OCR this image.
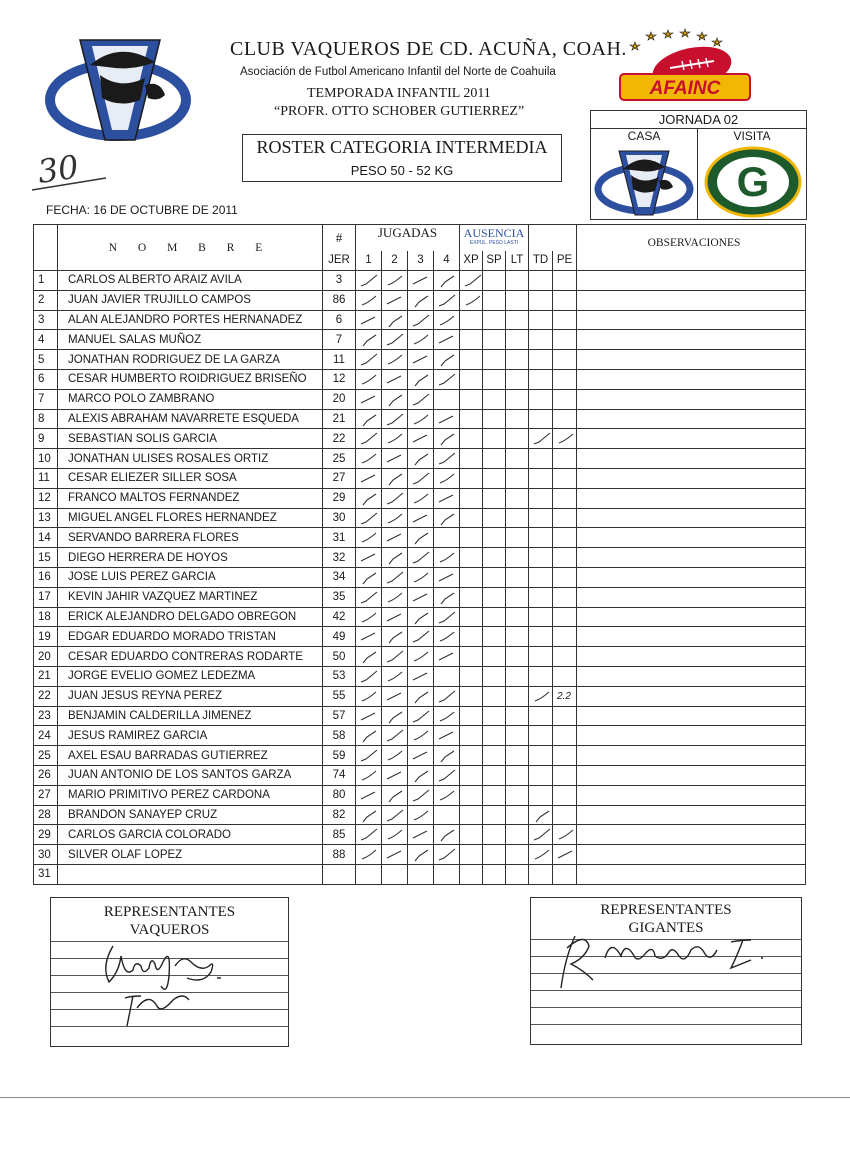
CLUB VAQUEROS DE CD. ACUÑA, COAH.
Asociación de Futbol Americano Infantil del Norte de Coahuila
TEMPORADA INFANTIL 2011
“PROFR. OTTO SCHOBER GUTIERREZ”
AFAINC
ROSTER CATEGORIA INTERMEDIA
PESO 50 - 52 KG
JORNADA 02
CASA	VISITA
G
30
FECHA: 16 DE OCTUBRE DE 2011
	N O M B R E	#	JUGADAS				AUSENCIA
EXPUL. PESO LASTI					OBSERVACIONES
		JER	1	2	3	4	XP	SP	LT	TD	PE	
1	CARLOS ALBERTO ARAIZ AVILA	3	

2	JUAN JAVIER TRUJILLO CAMPOS	86	

3	ALAN ALEJANDRO PORTES HERNANADEZ	6	

4	MANUEL SALAS MUÑOZ	7	

5	JONATHAN RODRIGUEZ DE LA GARZA	11	

6	CESAR HUMBERTO ROIDRIGUEZ BRISEÑO	12	

7	MARCO POLO ZAMBRANO	20	

8	ALEXIS ABRAHAM NAVARRETE ESQUEDA	21	

9	SEBASTIAN SOLIS GARCIA	22	

10	JONATHAN ULISES ROSALES ORTIZ	25	

11	CESAR ELIEZER SILLER SOSA	27	

12	FRANCO MALTOS FERNANDEZ	29	

13	MIGUEL ANGEL FLORES HERNANDEZ	30	

14	SERVANDO BARRERA FLORES	31	

15	DIEGO HERRERA DE HOYOS	32	

16	JOSE LUIS PEREZ GARCIA	34	

17	KEVIN JAHIR VAZQUEZ MARTINEZ	35	

18	ERICK ALEJANDRO DELGADO OBREGON	42	

19	EDGAR EDUARDO MORADO TRISTAN	49	

20	CESAR EDUARDO CONTRERAS RODARTE	50	

21	JORGE EVELIO GOMEZ LEDEZMA	53	

22	JUAN JESUS REYNA PEREZ	55									2.2	
23	BENJAMIN CALDERILLA JIMENEZ	57	

24	JESUS RAMIREZ GARCIA	58	

25	AXEL ESAU BARRADAS GUTIERREZ	59	

26	JUAN ANTONIO DE LOS SANTOS GARZA	74	

27	MARIO PRIMITIVO PEREZ CARDONA	80	

28	BRANDON SANAYEP CRUZ	82	

29	CARLOS GARCIA COLORADO	85	

30	SILVER OLAF LOPEZ	88	

31												
REPRESENTANTES
VAQUEROS
REPRESENTANTES
GIGANTES
